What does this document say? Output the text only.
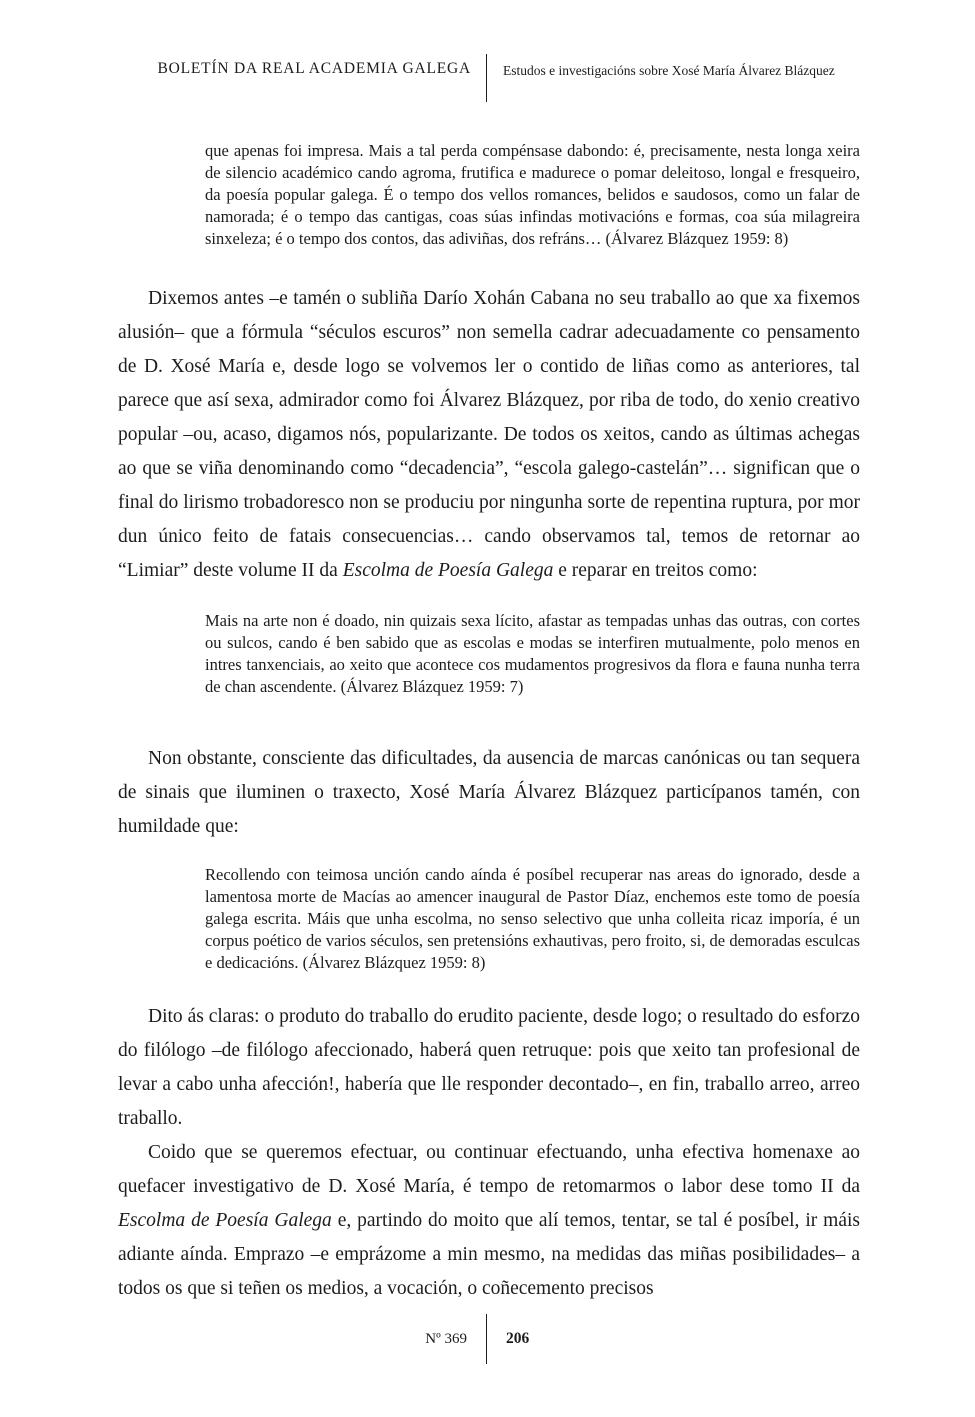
BOLETÍN DA REAL ACADEMIA GALEGA	Estudos e investigacións sobre Xosé María Álvarez Blázquez
que apenas foi impresa. Mais a tal perda compénsase dabondo: é, precisamente, nesta longa xeira de silencio académico cando agroma, frutifica e madurece o pomar deleitoso, longal e fresqueiro, da poesía popular galega. É o tempo dos vellos romances, belidos e saudosos, como un falar de namorada; é o tempo das cantigas, coas súas infindas motivacións e formas, coa súa milagreira sinxeleza; é o tempo dos contos, das adiviñas, dos refráns… (Álvarez Blázquez 1959: 8)

Dixemos antes –e tamén o subliña Darío Xohán Cabana no seu traballo ao que xa fixemos alusión– que a fórmula “séculos escuros” non semella cadrar adecuadamente co pensamento de D. Xosé María e, desde logo se volvemos ler o contido de liñas como as anteriores, tal parece que así sexa, admirador como foi Álvarez Blázquez, por riba de todo, do xenio creativo popular –ou, acaso, digamos nós, popularizante. De todos os xeitos, cando as últimas achegas ao que se viña denominando como “decadencia”, “escola galego-castelán”… significan que o final do lirismo trobadoresco non se produciu por ningunha sorte de repentina ruptura, por mor dun único feito de fatais consecuencias… cando observamos tal, temos de retornar ao “Limiar” deste volume II da Escolma de Poesía Galega e reparar en treitos como:

Mais na arte non é doado, nin quizais sexa lícito, afastar as tempadas unhas das outras, con cortes ou sulcos, cando é ben sabido que as escolas e modas se interfiren mutualmente, polo menos en intres tanxenciais, ao xeito que acontece cos mudamentos progresivos da flora e fauna nunha terra de chan ascendente. (Álvarez Blázquez 1959: 7)

Non obstante, consciente das dificultades, da ausencia de marcas canónicas ou tan sequera de sinais que iluminen o traxecto, Xosé María Álvarez Blázquez particípanos tamén, con humildade que:

Recollendo con teimosa unción cando aínda é posíbel recuperar nas areas do ignorado, desde a lamentosa morte de Macías ao amencer inaugural de Pastor Díaz, enchemos este tomo de poesía galega escrita. Máis que unha escolma, no senso selectivo que unha colleita ricaz imporía, é un corpus poético de varios séculos, sen pretensións exhautivas, pero froito, si, de demoradas esculcas e dedicacións. (Álvarez Blázquez 1959: 8)

Dito ás claras: o produto do traballo do erudito paciente, desde logo; o resultado do esforzo do filólogo –de filólogo afeccionado, haberá quen retruque: pois que xeito tan profesional de levar a cabo unha afección!, habería que lle responder decontado–, en fin, traballo arreo, arreo traballo.

Coido que se queremos efectuar, ou continuar efectuando, unha efectiva homenaxe ao quefacer investigativo de D. Xosé María, é tempo de retomarmos o labor dese tomo II da Escolma de Poesía Galega e, partindo do moito que alí temos, tentar, se tal é posíbel, ir máis adiante aínda. Emprazo –e emprázome a min mesmo, na medidas das miñas posibilidades– a todos os que si teñen os medios, a vocación, o coñecemento precisos

Nº 369	206
